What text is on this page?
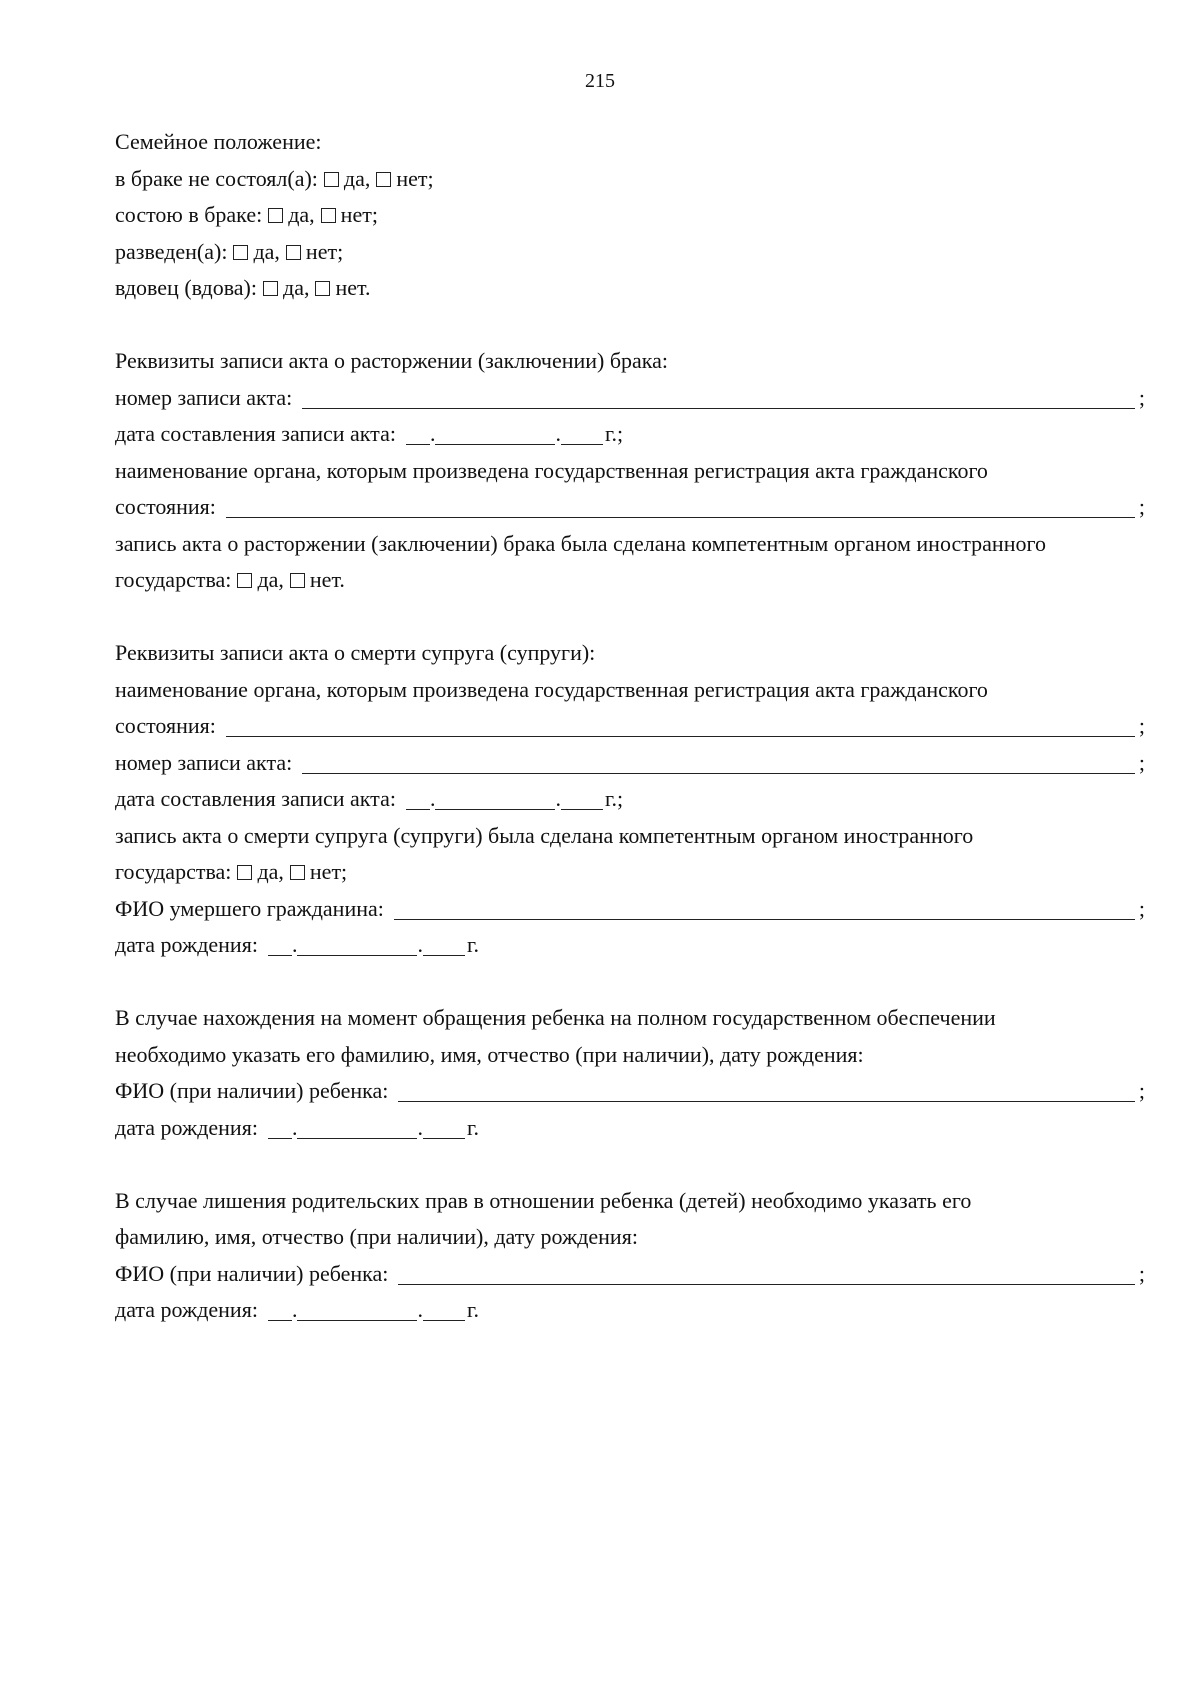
215
Семейное положение:
в браке не состоял(а): да, нет;
состою в браке: да, нет;
разведен(а): да, нет;
вдовец (вдова): да, нет.
Реквизиты записи акта о расторжении (заключении) брака:
номер записи акта:	;
дата составления записи акта: .	. г.;
наименование органа, которым произведена государственная регистрация акта гражданского
состояния:	;
запись акта о расторжении (заключении) брака была сделана компетентным органом иностранного
государства: да, нет.
Реквизиты записи акта о смерти супруга (супруги):
наименование органа, которым произведена государственная регистрация акта гражданского
состояния:	;
номер записи акта:	;
дата составления записи акта: .	. г.;
запись акта о смерти супруга (супруги) была сделана компетентным органом иностранного
государства: да, нет;
ФИО умершего гражданина:	;
дата рождения: .	. г.
В случае нахождения на момент обращения ребенка на полном государственном обеспечении
необходимо указать его фамилию, имя, отчество (при наличии), дату рождения:
ФИО (при наличии) ребенка:	;
дата рождения: .	. г.
В случае лишения родительских прав в отношении ребенка (детей) необходимо указать его
фамилию, имя, отчество (при наличии), дату рождения:
ФИО (при наличии) ребенка:	;
дата рождения: .	. г.
